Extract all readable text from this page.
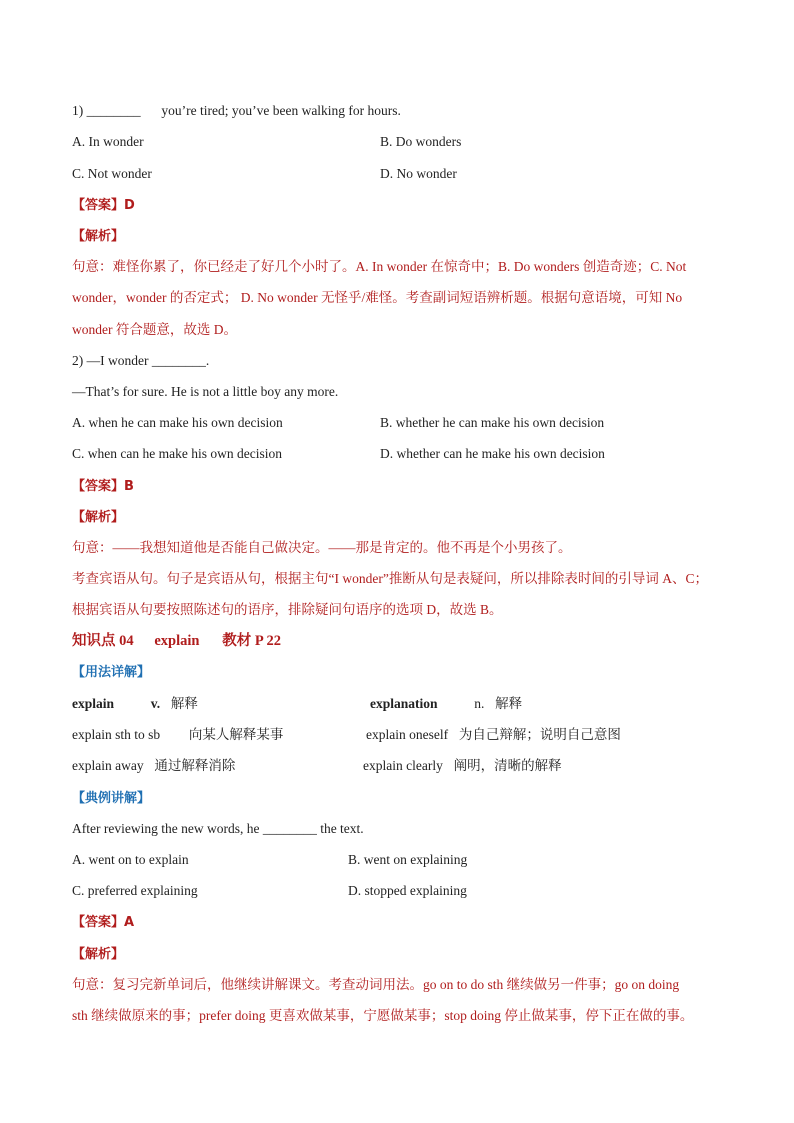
1) ________ you’re tired; you’ve been walking for hours.
A. In wonder	B. Do wonders
C. Not wonder	D. No wonder
【答案】D
【解析】
句意：难怪你累了，你已经走了好几个小时了。A. In wonder 在惊奇中；B. Do wonders 创造奇迹；C. Not
wonder，wonder 的否定式； D. No wonder 无怪乎/难怪。考查副词短语辨析题。根据句意语境，可知 No
wonder 符合题意，故选 D。
2) —I wonder ________.
—That’s for sure. He is not a little boy any more.
A. when he can make his own decision	B. whether he can make his own decision
C. when can he make his own decision	D. whether can he make his own decision
【答案】B
【解析】
句意：——我想知道他是否能自己做决定。——那是肯定的。他不再是个小男孩了。
考查宾语从句。句子是宾语从句，根据主句“I wonder”推断从句是表疑问，所以排除表时间的引导词 A、C；
根据宾语从句要按照陈述句的语序，排除疑问句语序的选项 D，故选 B。
知识点 04 explain 教材 P 22
【用法详解】
explain	v. 解释	explanation	n. 解释
explain sth to sb 向某人解释某事	explain oneself 为自己辩解；说明自己意图
explain away 通过解释消除	explain clearly 阐明，清晰的解释
【典例讲解】
After reviewing the new words, he ________ the text.
A. went on to explain	B. went on explaining
C. preferred explaining	D. stopped explaining
【答案】A
【解析】
句意：复习完新单词后，他继续讲解课文。考查动词用法。go on to do sth 继续做另一件事；go on doing
sth 继续做原来的事；prefer doing 更喜欢做某事，宁愿做某事；stop doing 停止做某事，停下正在做的事。
